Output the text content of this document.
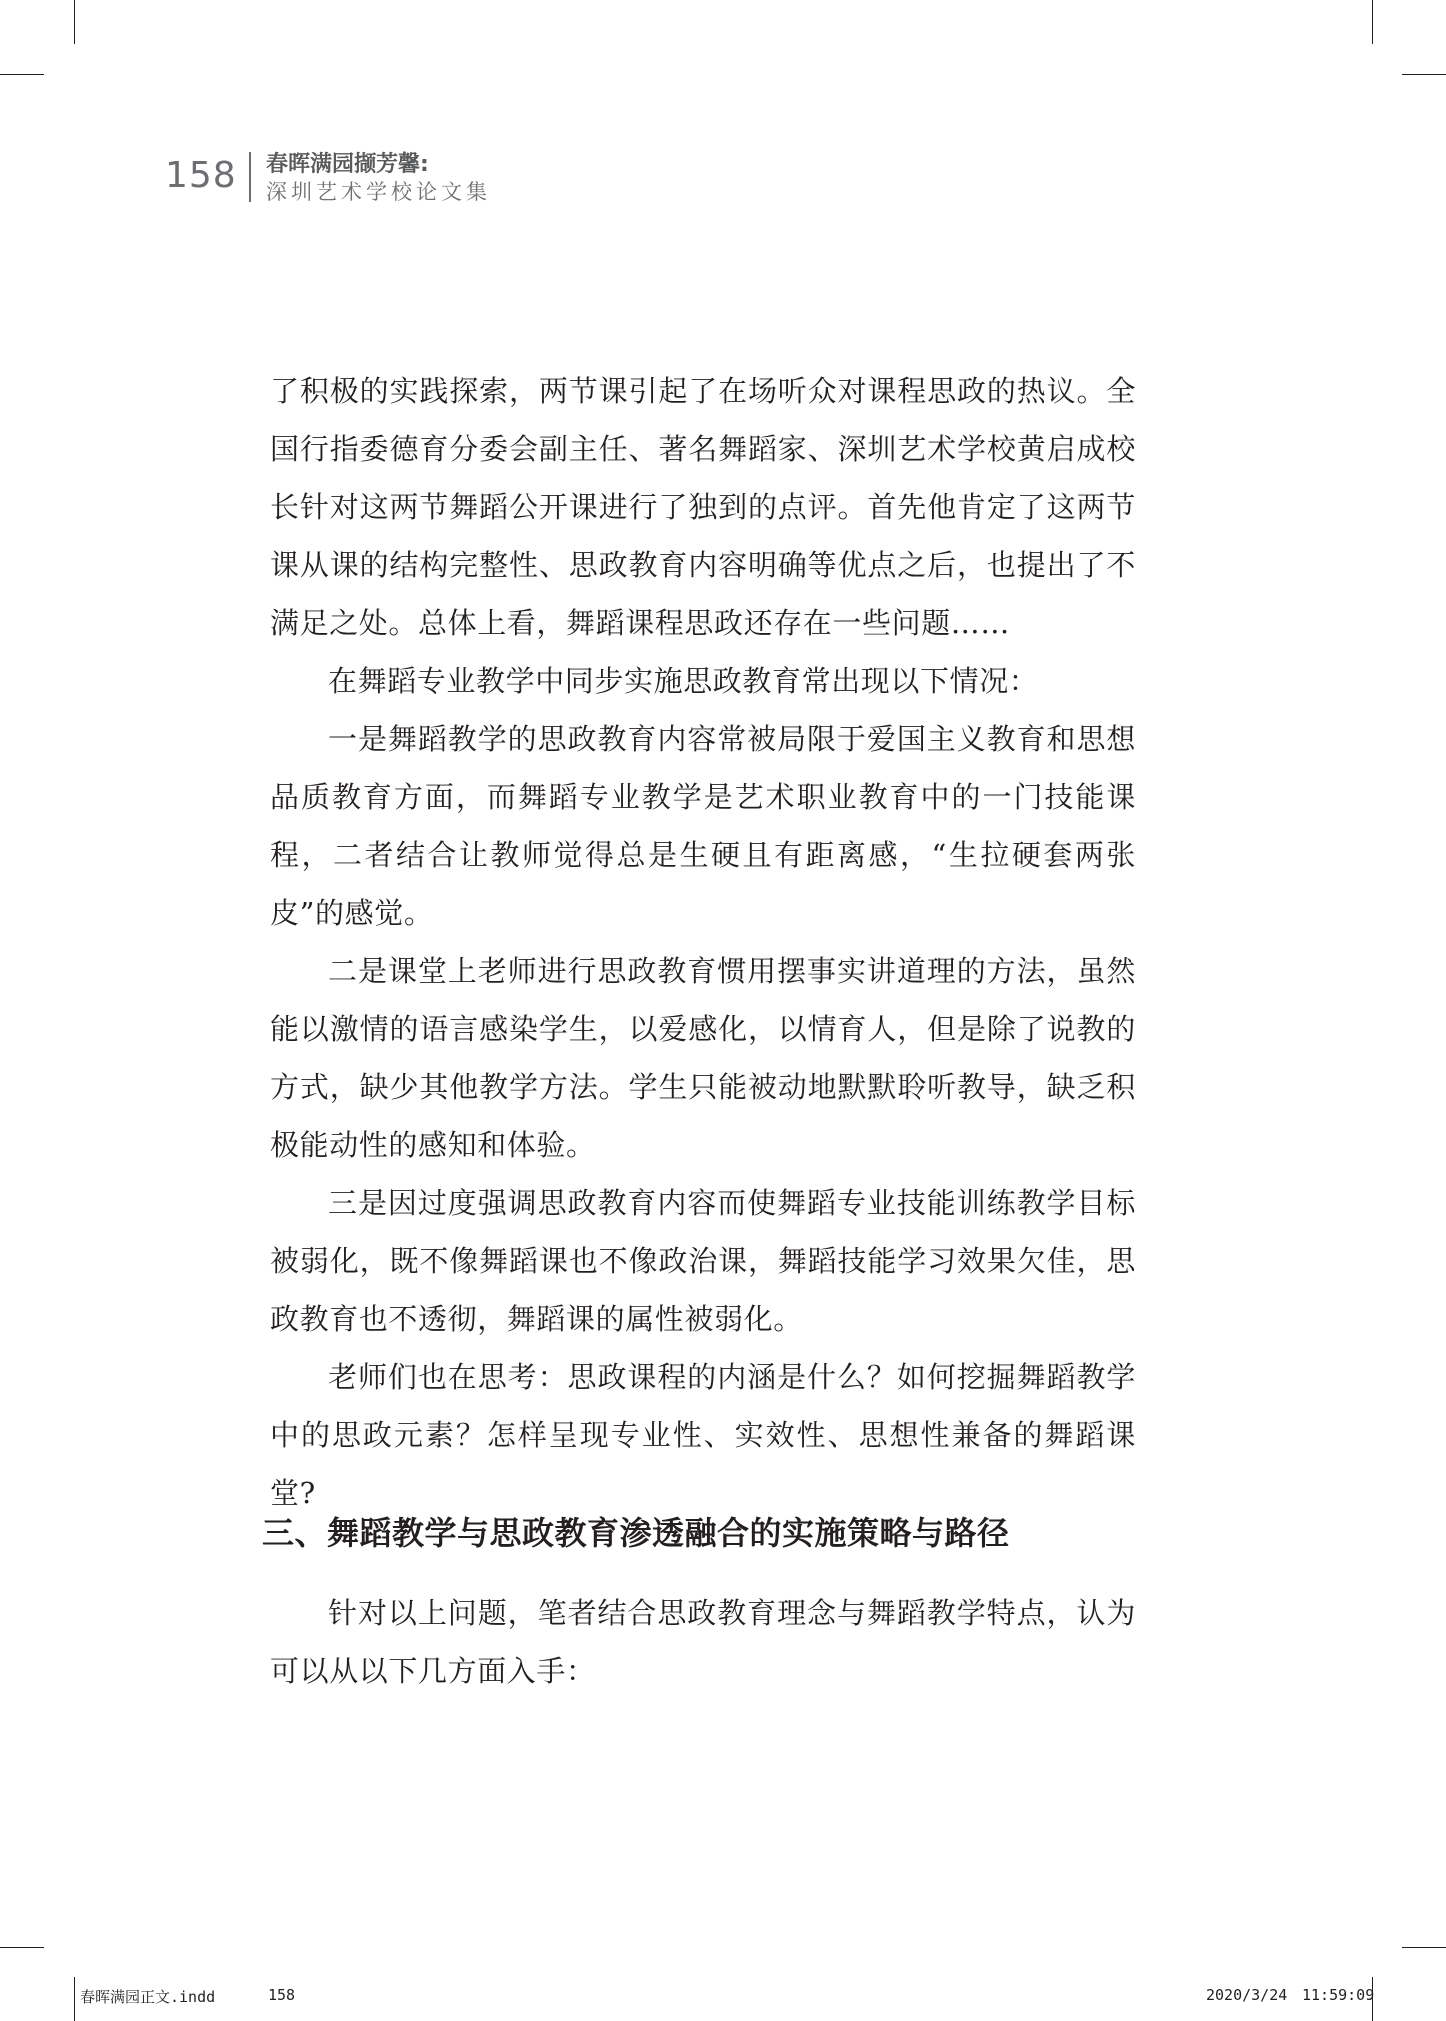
158 春晖满园撷芳馨:
深圳艺术学校论文集

了积极的实践探索，两节课引起了在场听众对课程思政的热议。全国行指委德育分委会副主任、著名舞蹈家、深圳艺术学校黄启成校长针对这两节舞蹈公开课进行了独到的点评。首先他肯定了这两节课从课的结构完整性、思政教育内容明确等优点之后，也提出了不满足之处。总体上看，舞蹈课程思政还存在一些问题……

在舞蹈专业教学中同步实施思政教育常出现以下情况：

一是舞蹈教学的思政教育内容常被局限于爱国主义教育和思想品质教育方面，而舞蹈专业教学是艺术职业教育中的一门技能课程，二者结合让教师觉得总是生硬且有距离感，“生拉硬套两张皮”的感觉。

二是课堂上老师进行思政教育惯用摆事实讲道理的方法，虽然能以激情的语言感染学生，以爱感化，以情育人，但是除了说教的方式，缺少其他教学方法。学生只能被动地默默聆听教导，缺乏积极能动性的感知和体验。

三是因过度强调思政教育内容而使舞蹈专业技能训练教学目标被弱化，既不像舞蹈课也不像政治课，舞蹈技能学习效果欠佳，思政教育也不透彻，舞蹈课的属性被弱化。

老师们也在思考：思政课程的内涵是什么？如何挖掘舞蹈教学中的思政元素？怎样呈现专业性、实效性、思想性兼备的舞蹈课堂?

三、舞蹈教学与思政教育渗透融合的实施策略与路径

针对以上问题，笔者结合思政教育理念与舞蹈教学特点，认为可以从以下几方面入手：

春晖满园正文.indd	158	2020/3/24 11:59:09
